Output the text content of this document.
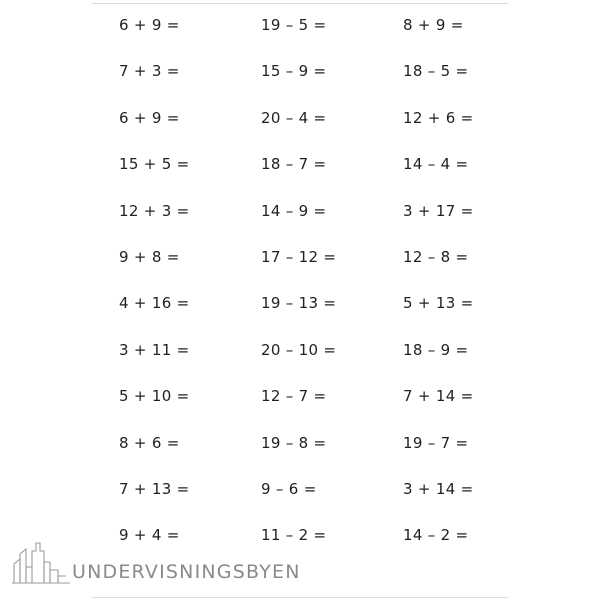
6 + 9 =
7 + 3 =
6 + 9 =
15 + 5 =
12 + 3 =
9 + 8 =
4 + 16 =
3 + 11 =
5 + 10 =
8 + 6 =
7 + 13 =
9 + 4 =
19 – 5 =
15 – 9 =
20 – 4 =
18 – 7 =
14 – 9 =
17 – 12 =
19 – 13 =
20 – 10 =
12 – 7 =
19 – 8 =
9 – 6 =
11 – 2 =
8 + 9 =
18 – 5 =
12 + 6 =
14 – 4 =
3 + 17 =
12 – 8 =
5 + 13 =
18 – 9 =
7 + 14 =
19 – 7 =
3 + 14 =
14 – 2 =
UNDERVISNINGSBYEN
